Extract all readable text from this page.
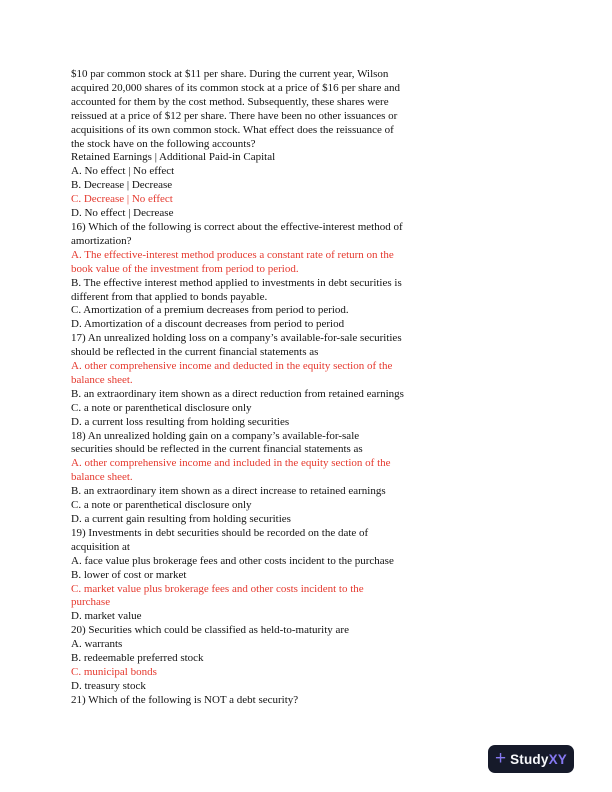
$10 par common stock at $11 per share. During the current year, Wilson
acquired 20,000 shares of its common stock at a price of $16 per share and
accounted for them by the cost method. Subsequently, these shares were
reissued at a price of $12 per share. There have been no other issuances or
acquisitions of its own common stock. What effect does the reissuance of
the stock have on the following accounts?
Retained Earnings | Additional Paid-in Capital
A. No effect | No effect
B. Decrease | Decrease
C. Decrease | No effect
D. No effect | Decrease
16) Which of the following is correct about the effective-interest method of
amortization?
A. The effective-interest method produces a constant rate of return on the
book value of the investment from period to period.
B. The effective interest method applied to investments in debt securities is
different from that applied to bonds payable.
C. Amortization of a premium decreases from period to period.
D. Amortization of a discount decreases from period to period
17) An unrealized holding loss on a company’s available-for-sale securities
should be reflected in the current financial statements as
A. other comprehensive income and deducted in the equity section of the
balance sheet.
B. an extraordinary item shown as a direct reduction from retained earnings
C. a note or parenthetical disclosure only
D. a current loss resulting from holding securities
18) An unrealized holding gain on a company’s available-for-sale
securities should be reflected in the current financial statements as
A. other comprehensive income and included in the equity section of the
balance sheet.
B. an extraordinary item shown as a direct increase to retained earnings
C. a note or parenthetical disclosure only
D. a current gain resulting from holding securities
19) Investments in debt securities should be recorded on the date of
acquisition at
A. face value plus brokerage fees and other costs incident to the purchase
B. lower of cost or market
C. market value plus brokerage fees and other costs incident to the
purchase
D. market value
20) Securities which could be classified as held-to-maturity are
A. warrants
B. redeemable preferred stock
C. municipal bonds
D. treasury stock
21) Which of the following is NOT a debt security?
+ StudyXY
